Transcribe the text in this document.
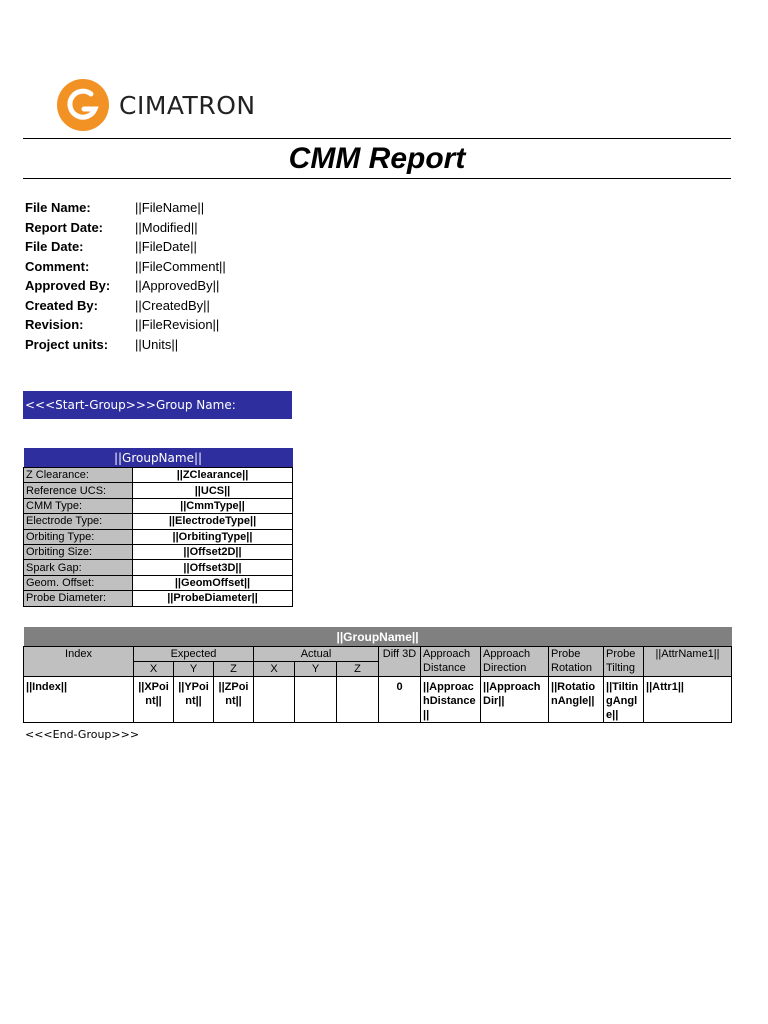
CIMATRON
CMM Report
File Name:	||FileName||
Report Date:	||Modified||
File Date:	||FileDate||
Comment:	||FileComment||
Approved By:	||ApprovedBy||
Created By:	||CreatedBy||
Revision:	||FileRevision||
Project units:	||Units||
<<<Start-Group>>>Group Name:
||GroupName||	
Z Clearance:	||ZClearance||
Reference UCS:	||UCS||
CMM Type:	||CmmType||
Electrode Type:	||ElectrodeType||
Orbiting Type:	||OrbitingType||
Orbiting Size:	||Offset2D||
Spark Gap:	||Offset3D||
Geom. Offset:	||GeomOffset||
Probe Diameter:	||ProbeDiameter||
||GroupName||												
Index	Expected			Actual			Diff 3D	Approach Distance	Approach Direction	Probe Rotation	Probe Tilting	||AttrName1||
	X	Y	Z	X	Y	Z						
||Index||	||XPoint||	||YPoint||	||ZPoint||				0	||ApproachDistance||	||ApproachDir||	||RotationAngle||	||TiltingAngle||	||Attr1||
<<<End-Group>>>
